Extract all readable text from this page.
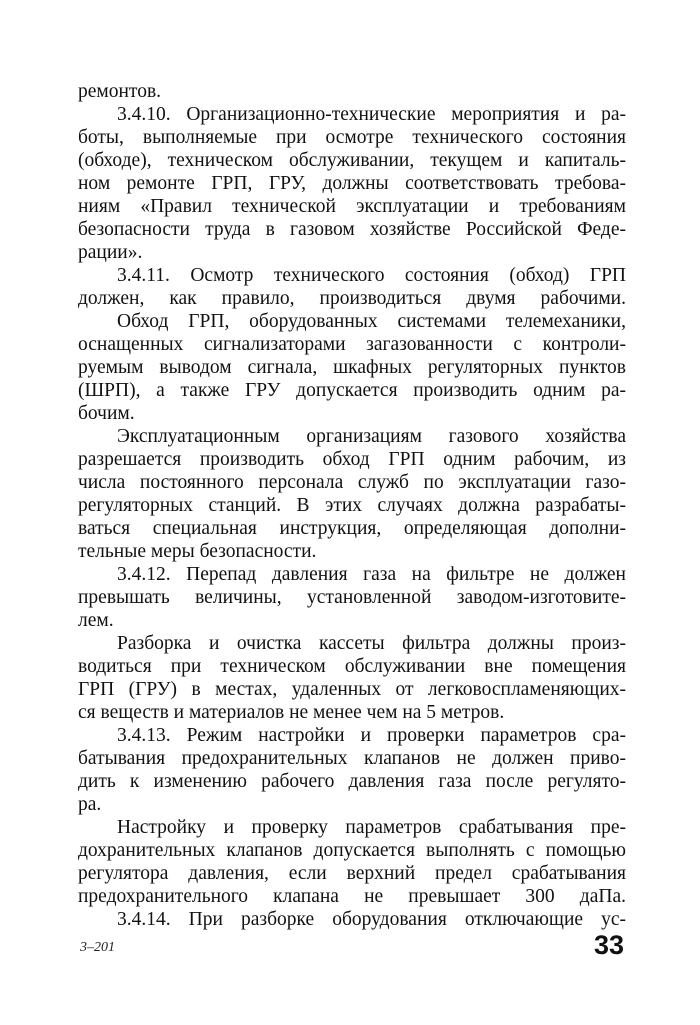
ремонтов.
3.4.10. Организационно-технические мероприятия и ра-
боты, выполняемые при осмотре технического состояния
(обходе), техническом обслуживании, текущем и капиталь-
ном ремонте ГРП, ГРУ, должны соответствовать требова-
ниям «Правил технической эксплуатации и требованиям
безопасности труда в газовом хозяйстве Российской Феде-
рации».
3.4.11. Осмотр технического состояния (обход) ГРП
должен, как правило, производиться двумя рабочими.
Обход ГРП, оборудованных системами телемеханики,
оснащенных сигнализаторами загазованности с контроли-
руемым выводом сигнала, шкафных регуляторных пунктов
(ШРП), а также ГРУ допускается производить одним ра-
бочим.
Эксплуатационным организациям газового хозяйства
разрешается производить обход ГРП одним рабочим, из
числа постоянного персонала служб по эксплуатации газо-
регуляторных станций. В этих случаях должна разрабаты-
ваться специальная инструкция, определяющая дополни-
тельные меры безопасности.
3.4.12. Перепад давления газа на фильтре не должен
превышать величины, установленной заводом-изготовите-
лем.
Разборка и очистка кассеты фильтра должны произ-
водиться при техническом обслуживании вне помещения
ГРП (ГРУ) в местах, удаленных от легковоспламеняющих-
ся веществ и материалов не менее чем на 5 метров.
3.4.13. Режим настройки и проверки параметров сра-
батывания предохранительных клапанов не должен приво-
дить к изменению рабочего давления газа после регулято-
ра.
Настройку и проверку параметров срабатывания пре-
дохранительных клапанов допускается выполнять с помощью
регулятора давления, если верхний предел срабатывания
предохранительного клапана не превышает 300 даПа.
3.4.14. При разборке оборудования отключающие ус-
3–201	33
